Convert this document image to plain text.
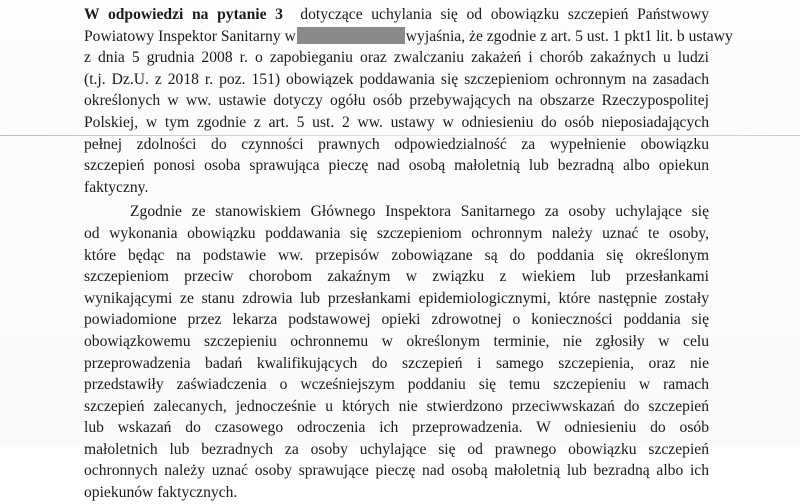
W odpowiedzi na pytanie 3 dotyczące uchylania się od obowiązku szczepień Państwowy
Powiatowy Inspektor Sanitarny w	wyjaśnia, że zgodnie z art. 5 ust. 1 pkt1 lit. b ustawy
z dnia 5 grudnia 2008 r. o zapobieganiu oraz zwalczaniu zakażeń i chorób zakaźnych u ludzi
(t.j. Dz.U. z 2018 r. poz. 151) obowiązek poddawania się szczepieniom ochronnym na zasadach
określonych w ww. ustawie dotyczy ogółu osób przebywających na obszarze Rzeczypospolitej
Polskiej, w tym zgodnie z art. 5 ust. 2 ww. ustawy w odniesieniu do osób nieposiadających
pełnej zdolności do czynności prawnych odpowiedzialność za wypełnienie obowiązku
szczepień ponosi osoba sprawująca pieczę nad osobą małoletnią lub bezradną albo opiekun
faktyczny.
Zgodnie ze stanowiskiem Głównego Inspektora Sanitarnego za osoby uchylające się
od wykonania obowiązku poddawania się szczepieniom ochronnym należy uznać te osoby,
które będąc na podstawie ww. przepisów zobowiązane są do poddania się określonym
szczepieniom przeciw chorobom zakaźnym w związku z wiekiem lub przesłankami
wynikającymi ze stanu zdrowia lub przesłankami epidemiologicznymi, które następnie zostały
powiadomione przez lekarza podstawowej opieki zdrowotnej o konieczności poddania się
obowiązkowemu szczepieniu ochronnemu w określonym terminie, nie zgłosiły w celu
przeprowadzenia badań kwalifikujących do szczepień i samego szczepienia, oraz nie
przedstawiły zaświadczenia o wcześniejszym poddaniu się temu szczepieniu w ramach
szczepień zalecanych, jednocześnie u których nie stwierdzono przeciwwskazań do szczepień
lub wskazań do czasowego odroczenia ich przeprowadzenia. W odniesieniu do osób
małoletnich lub bezradnych za osoby uchylające się od prawnego obowiązku szczepień
ochronnych należy uznać osoby sprawujące pieczę nad osobą małoletnią lub bezradną albo ich
opiekunów faktycznych.
